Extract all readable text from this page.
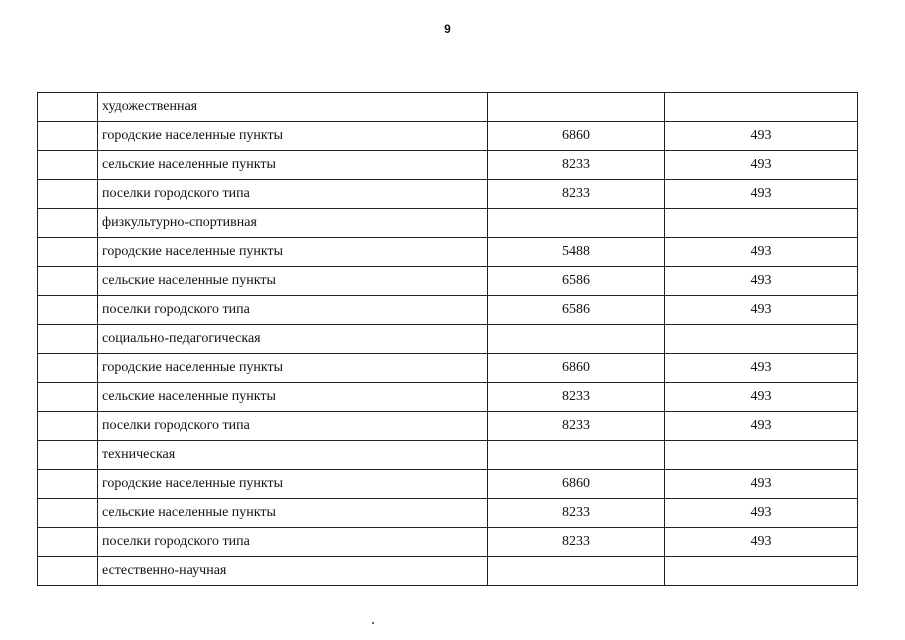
9
	художественная		
	городские населенные пункты	6860	493
	сельские населенные пункты	8233	493
	поселки городского типа	8233	493
	физкультурно-спортивная		
	городские населенные пункты	5488	493
	сельские населенные пункты	6586	493
	поселки городского типа	6586	493
	социально-педагогическая		
	городские населенные пункты	6860	493
	сельские населенные пункты	8233	493
	поселки городского типа	8233	493
	техническая		
	городские населенные пункты	6860	493
	сельские населенные пункты	8233	493
	поселки городского типа	8233	493
	естественно-научная		
